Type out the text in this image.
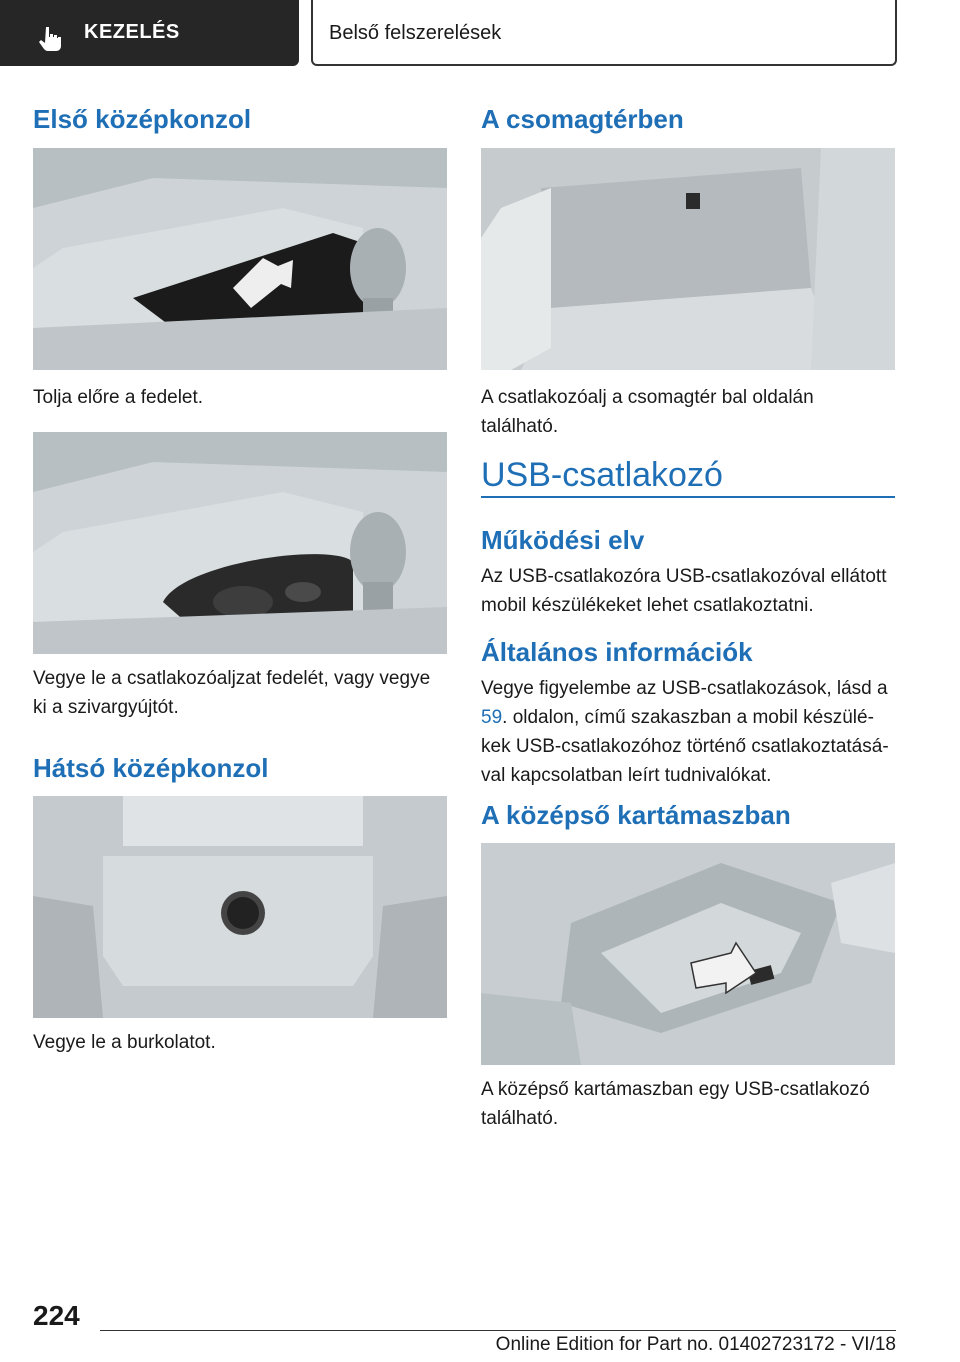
KEZELÉS	Belső felszerelések
Első középkonzol
Tolja előre a fedelet.
Vegye le a csatlakozóaljzat fedelét, vagy vegye ki a szivargyújtót.
Hátsó középkonzol
Vegye le a burkolatot.
A csomagtérben
A csatlakozóalj a csomagtér bal oldalán található.
USB-csatlakozó
Működési elv
Az USB-csatlakozóra USB-csatlakozóval ellátott mobil készülékeket lehet csatlakoztatni.
Általános információk
Vegye figyelembe az USB-csatlakozások, lásd a 59. oldalon, című szakaszban a mobil készülékek USB-csatlakozóhoz történő csatlakoztatásával kapcsolatban leírt tudnivalókat.
A középső kartámaszban
A középső kartámaszban egy USB-csatlakozó található.
224
Online Edition for Part no. 01402723172 - VI/18
